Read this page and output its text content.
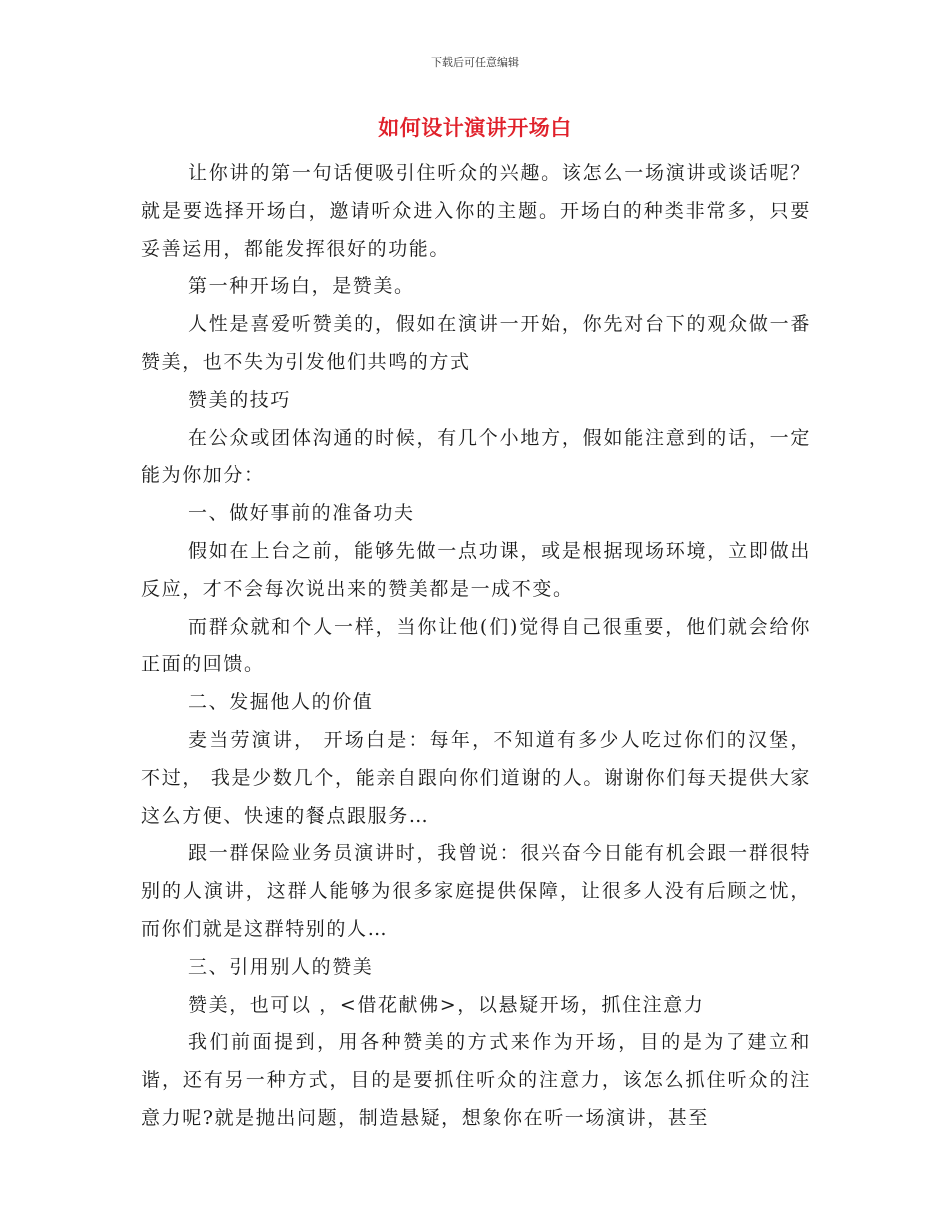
下载后可任意编辑
如何设计演讲开场白

让你讲的第一句话便吸引住听众的兴趣。该怎么一场演讲或谈话呢？就是要选择开场白，邀请听众进入你的主题。开场白的种类非常多，只要妥善运用，都能发挥很好的功能。

第一种开场白，是赞美。

人性是喜爱听赞美的，假如在演讲一开始，你先对台下的观众做一番赞美，也不失为引发他们共鸣的方式

赞美的技巧

在公众或团体沟通的时候，有几个小地方，假如能注意到的话，一定能为你加分：

一、做好事前的准备功夫

假如在上台之前，能够先做一点功课，或是根据现场环境，立即做出反应，才不会每次说出来的赞美都是一成不变。

而群众就和个人一样，当你让他(们)觉得自己很重要，他们就会给你正面的回馈。

二、发掘他人的价值

麦当劳演讲， 开场白是：每年，不知道有多少人吃过你们的汉堡，不过， 我是少数几个，能亲自跟向你们道谢的人。谢谢你们每天提供大家这么方便、快速的餐点跟服务…

跟一群保险业务员演讲时，我曾说：很兴奋今日能有机会跟一群很特别的人演讲，这群人能够为很多家庭提供保障，让很多人没有后顾之忧，而你们就是这群特别的人…

三、引用别人的赞美

赞美，也可以 ，<借花献佛>，以悬疑开场，抓住注意力

我们前面提到，用各种赞美的方式来作为开场，目的是为了建立和谐，还有另一种方式，目的是要抓住听众的注意力，该怎么抓住听众的注意力呢?就是抛出问题，制造悬疑，想象你在听一场演讲，甚至
